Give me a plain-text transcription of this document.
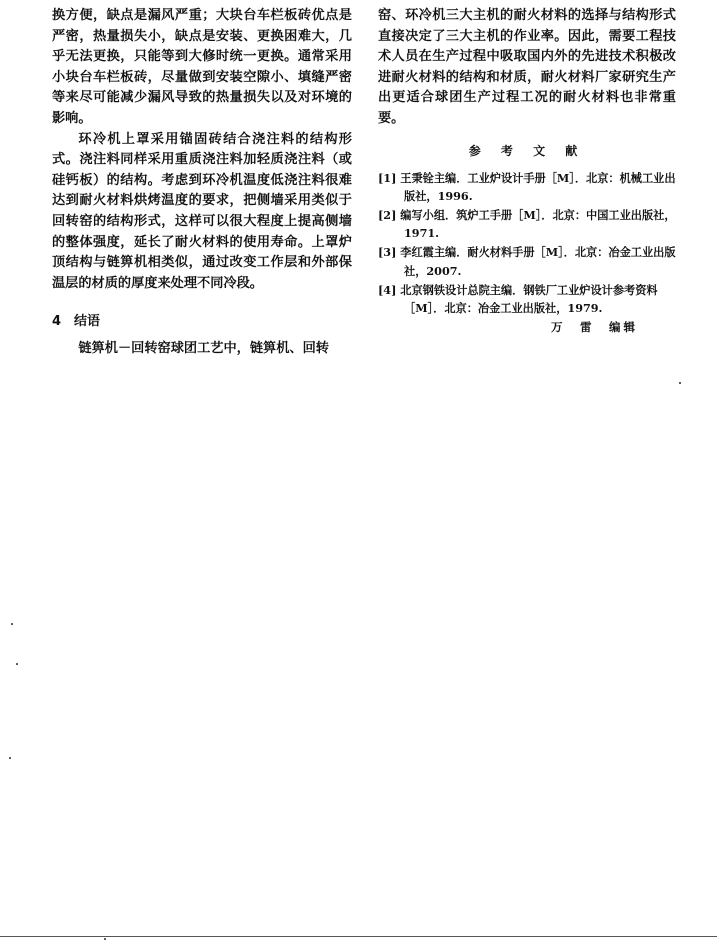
换方便，缺点是漏风严重；大块台车栏板砖优点是严密，热量损失小，缺点是安装、更换困难大，几乎无法更换，只能等到大修时统一更换。通常采用小块台车栏板砖，尽量做到安装空隙小、填缝严密等来尽可能减少漏风导致的热量损失以及对环境的影响。

环冷机上罩采用锚固砖结合浇注料的结构形式。浇注料同样采用重质浇注料加轻质浇注料（或硅钙板）的结构。考虑到环冷机温度低浇注料很难达到耐火材料烘烤温度的要求，把侧墙采用类似于回转窑的结构形式，这样可以很大程度上提高侧墙的整体强度，延长了耐火材料的使用寿命。上罩炉顶结构与链箅机相类似，通过改变工作层和外部保温层的材质的厚度来处理不同冷段。

4　结语

链箅机－回转窑球团工艺中，链箅机、回转

窑、环冷机三大主机的耐火材料的选择与结构形式直接决定了三大主机的作业率。因此，需要工程技术人员在生产过程中吸取国内外的先进技术积极改进耐火材料的结构和材质，耐火材料厂家研究生产出更适合球团生产过程工况的耐火材料也非常重要。

参 考 文 献
[1] 王秉铨主编．工业炉设计手册［M］．北京：机械工业出版社，1996.
[2] 编写小组．筑炉工手册［M］．北京：中国工业出版社，1971.
[3] 李红霞主编．耐火材料手册［M］．北京：冶金工业出版社，2007.
[4] 北京钢铁设计总院主编．钢铁厂工业炉设计参考资料［M］．北京：冶金工业出版社，1979.
万　雷　编辑
